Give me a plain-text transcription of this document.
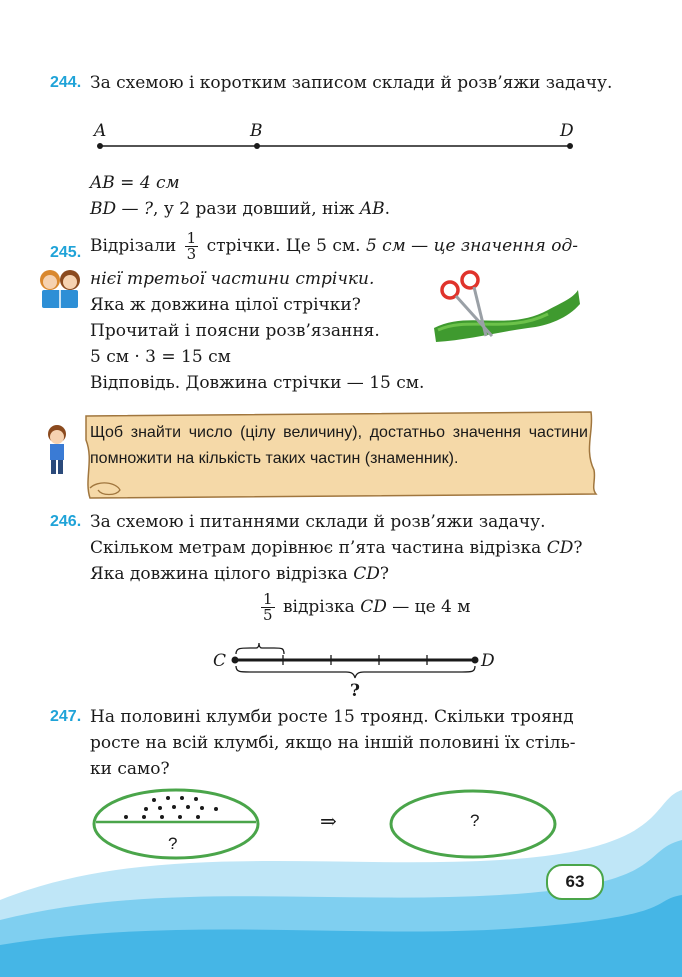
244. За схемою і коротким записом склади й розв’яжи задачу.
A	B	D
AB = 4 см
BD — ?, у 2 рази довший, ніж AB.
245. Відрізали $\frac{1}{3}$ стрічки. Це 5 см. 5 см — це значення од-
нієї третьої частини стрічки.
Яка ж довжина цілої стрічки?
Прочитай і поясни розв’язання.
5 см · 3 = 15 см
Відповідь. Довжина стрічки — 15 см.
Щоб знайти число (цілу величину), достатньо значення частини помножити на кількість таких частин (знаменник).
246. За схемою і питаннями склади й розв’яжи задачу.
Скільком метрам дорівнює п’ята частина відрізка CD?
Яка довжина цілого відрізка CD?
$\frac{1}{5}$ відрізка CD — це 4 м
C	D
?
247. На половині клумби росте 15 троянд. Скільки троянд
росте на всій клумбі, якщо на іншій половині їх стіль-
ки само?
?
⇒	?
63
